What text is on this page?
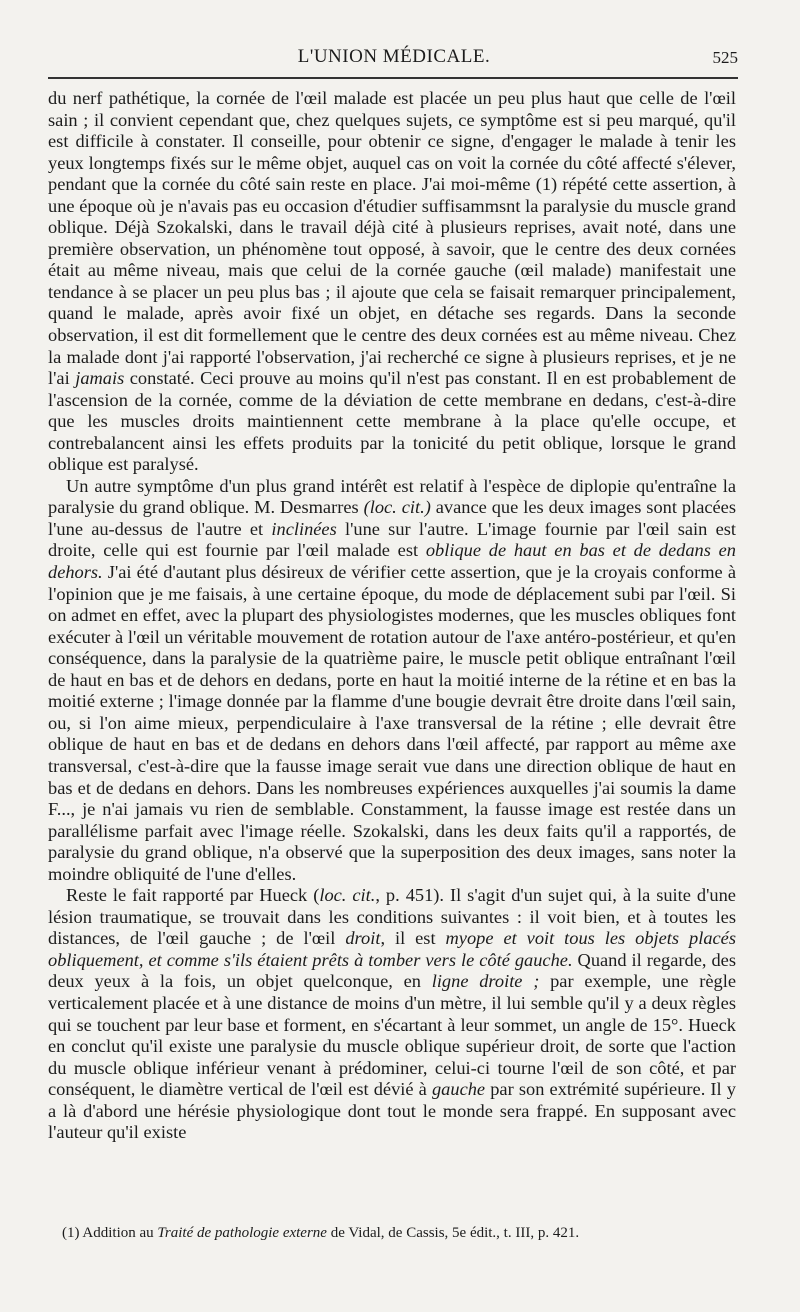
L'UNION MÉDICALE.	525

du nerf pathétique, la cornée de l'œil malade est placée un peu plus haut que celle de l'œil sain ; il convient cependant que, chez quelques sujets, ce symptôme est si peu marqué, qu'il est difficile à constater. Il conseille, pour obtenir ce signe, d'engager le malade à tenir les yeux longtemps fixés sur le même objet, auquel cas on voit la cornée du côté affecté s'élever, pendant que la cornée du côté sain reste en place. J'ai moi-même (1) répété cette assertion, à une époque où je n'avais pas eu occasion d'étudier suffisammsnt la paralysie du muscle grand oblique. Déjà Szokalski, dans le travail déjà cité à plusieurs reprises, avait noté, dans une première observation, un phénomène tout opposé, à savoir, que le centre des deux cornées était au même niveau, mais que celui de la cornée gauche (œil malade) manifestait une tendance à se placer un peu plus bas ; il ajoute que cela se faisait remarquer principalement, quand le malade, après avoir fixé un objet, en détache ses regards. Dans la seconde observation, il est dit formellement que le centre des deux cornées est au même niveau. Chez la malade dont j'ai rapporté l'observation, j'ai recherché ce signe à plusieurs reprises, et je ne l'ai jamais constaté. Ceci prouve au moins qu'il n'est pas constant. Il en est probablement de l'ascension de la cornée, comme de la déviation de cette membrane en dedans, c'est-à-dire que les muscles droits maintiennent cette membrane à la place qu'elle occupe, et contrebalancent ainsi les effets produits par la tonicité du petit oblique, lorsque le grand oblique est paralysé.

Un autre symptôme d'un plus grand intérêt est relatif à l'espèce de diplopie qu'entraîne la paralysie du grand oblique. M. Desmarres (loc. cit.) avance que les deux images sont placées l'une au-dessus de l'autre et inclinées l'une sur l'autre. L'image fournie par l'œil sain est droite, celle qui est fournie par l'œil malade est oblique de haut en bas et de dedans en dehors. J'ai été d'autant plus désireux de vérifier cette assertion, que je la croyais conforme à l'opinion que je me faisais, à une certaine époque, du mode de déplacement subi par l'œil. Si on admet en effet, avec la plupart des physiologistes modernes, que les muscles obliques font exécuter à l'œil un véritable mouvement de rotation autour de l'axe antéro-postérieur, et qu'en conséquence, dans la paralysie de la quatrième paire, le muscle petit oblique entraînant l'œil de haut en bas et de dehors en dedans, porte en haut la moitié interne de la rétine et en bas la moitié externe ; l'image donnée par la flamme d'une bougie devrait être droite dans l'œil sain, ou, si l'on aime mieux, perpendiculaire à l'axe transversal de la rétine ; elle devrait être oblique de haut en bas et de dedans en dehors dans l'œil affecté, par rapport au même axe transversal, c'est-à-dire que la fausse image serait vue dans une direction oblique de haut en bas et de dedans en dehors. Dans les nombreuses expériences auxquelles j'ai soumis la dame F..., je n'ai jamais vu rien de semblable. Constamment, la fausse image est restée dans un parallélisme parfait avec l'image réelle. Szokalski, dans les deux faits qu'il a rapportés, de paralysie du grand oblique, n'a observé que la superposition des deux images, sans noter la moindre obliquité de l'une d'elles.

Reste le fait rapporté par Hueck (loc. cit., p. 451). Il s'agit d'un sujet qui, à la suite d'une lésion traumatique, se trouvait dans les conditions suivantes : il voit bien, et à toutes les distances, de l'œil gauche ; de l'œil droit, il est myope et voit tous les objets placés obliquement, et comme s'ils étaient prêts à tomber vers le côté gauche. Quand il regarde, des deux yeux à la fois, un objet quelconque, en ligne droite ; par exemple, une règle verticalement placée et à une distance de moins d'un mètre, il lui semble qu'il y a deux règles qui se touchent par leur base et forment, en s'écartant à leur sommet, un angle de 15°. Hueck en conclut qu'il existe une paralysie du muscle oblique supérieur droit, de sorte que l'action du muscle oblique inférieur venant à prédominer, celui-ci tourne l'œil de son côté, et par conséquent, le diamètre vertical de l'œil est dévié à gauche par son extrémité supérieure. Il y a là d'abord une hérésie physiologique dont tout le monde sera frappé. En supposant avec l'auteur qu'il existe

(1) Addition au Traité de pathologie externe de Vidal, de Cassis, 5e édit., t. III, p. 421.
